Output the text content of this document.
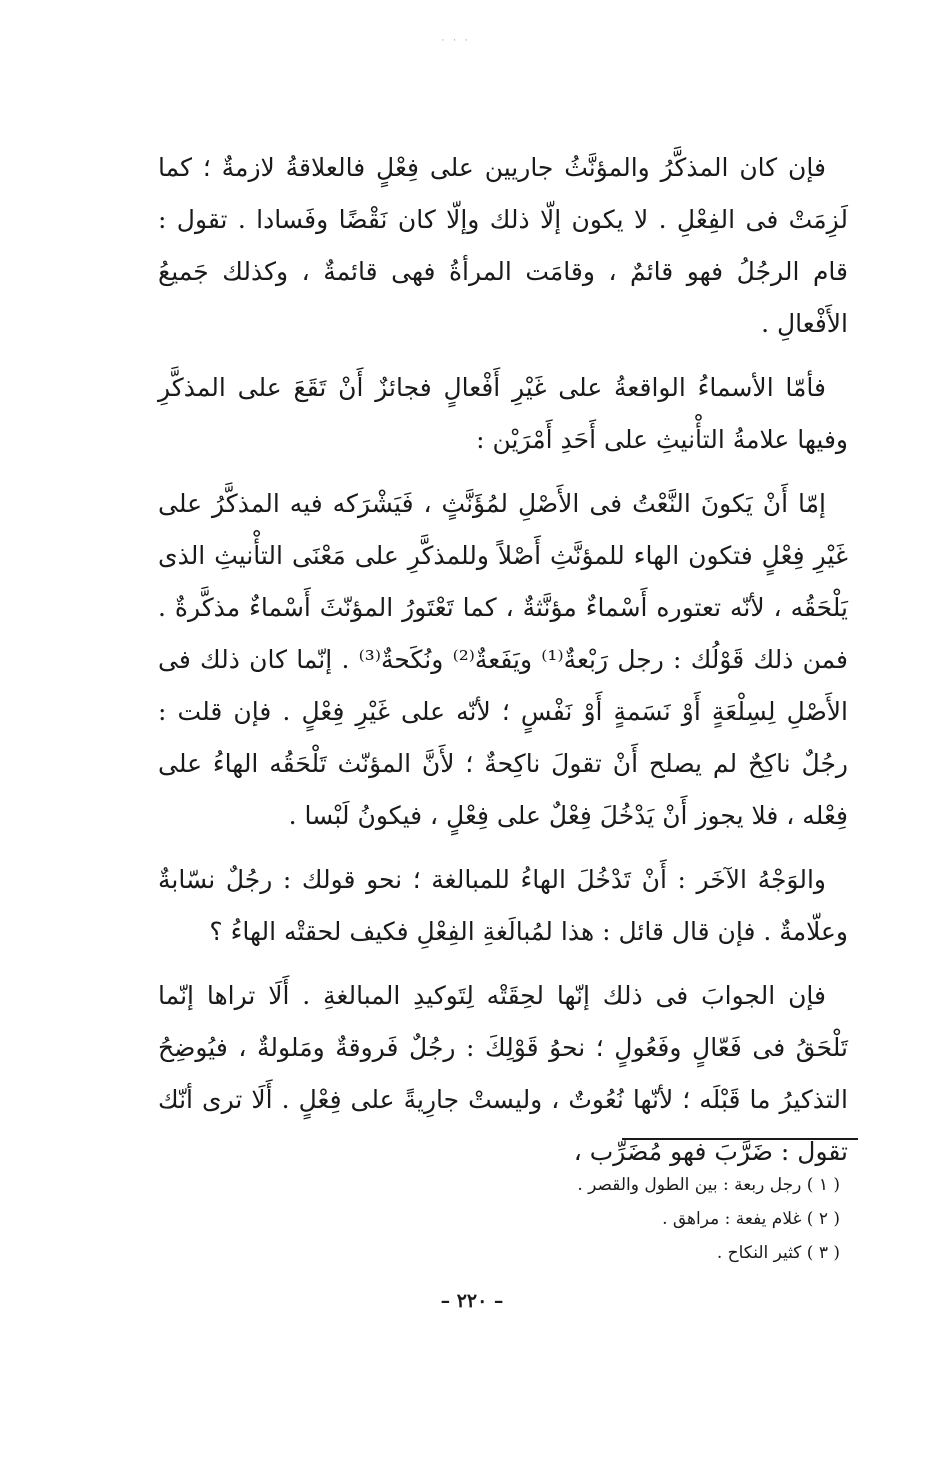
· · ·

فإن كان المذكَّرُ والمؤنَّثُ جاريين على فِعْلٍ فالعلاقةُ لازمةٌ ؛ كما لَزِمَتْ فى الفِعْلِ . لا يكون إلّا ذلك وإلّا كان نَقْضًا وفَسادا . تقول : قام الرجُلُ فهو قائمٌ ، وقامَت المرأةُ فهى قائمةٌ ، وكذلك جَميعُ الأَفْعالِ .

فأمّا الأسماءُ الواقعةُ على غَيْرِ أَفْعالٍ فجائزٌ أَنْ تَقَعَ على المذكَّرِ وفيها علامةُ التأْنيثِ على أَحَدِ أَمْرَيْن :

إمّا أَنْ يَكونَ النَّعْتُ فى الأَصْلِ لمُؤَنَّثٍ ، فَيَشْرَكه فيه المذكَّرُ على غَيْرِ فِعْلٍ فتكون الهاء للمؤنَّثِ أَصْلاً وللمذكَّرِ على مَعْنَى التأْنيثِ الذى يَلْحَقُه ، لأنّه تعتوره أَسْماءٌ مؤنَّثةٌ ، كما تَعْتَورُ المؤنّثَ أَسْماءٌ مذكَّرةٌ . فمن ذلك قَوْلُك : رجل رَبْعةٌ⁽¹⁾ ويَفَعةٌ⁽²⁾ ونُكَحةٌ⁽³⁾ . إنّما كان ذلك فى الأَصْلِ لِسِلْعَةٍ أَوْ نَسَمةٍ أَوْ نَفْسٍ ؛ لأنّه على غَيْرِ فِعْلٍ . فإن قلت : رجُلٌ ناكِحٌ لم يصلح أَنْ تقولَ ناكِحةٌ ؛ لأَنَّ المؤنّث تَلْحَقُه الهاءُ على فِعْله ، فلا يجوز أَنْ يَدْخُلَ فِعْلٌ على فِعْلٍ ، فيكونُ لَبْسا .

والوَجْهُ الآخَر : أَنْ تَدْخُلَ الهاءُ للمبالغة ؛ نحو قولك : رجُلٌ نسّابةٌ وعلّامةٌ . فإن قال قائل : هذا لمُبالَغةِ الفِعْلِ فكيف لحقتْه الهاءُ ؟

فإن الجوابَ فى ذلك إنّها لحِقَتْه لِتَوكيدِ المبالغةِ . أَلَا تراها إنّما تَلْحَقُ فى فَعّالٍ وفَعُولٍ ؛ نحوُ قَوْلِكَ : رجُلٌ فَروقةٌ ومَلولةٌ ، فيُوضِحُ التذكيرُ ما قَبْلَه ؛ لأنّها نُعُوتٌ ، وليستْ جارِيةً على فِعْلٍ . أَلَا ترى أنّك تقول : ضَرَّبَ فهو مُضَرِّب ،

( ١ ) رجل ربعة : بين الطول والقصر .

( ٢ ) غلام يفعة : مراهق .

( ٣ ) كثير النكاح .

– ٢٢٠ –
